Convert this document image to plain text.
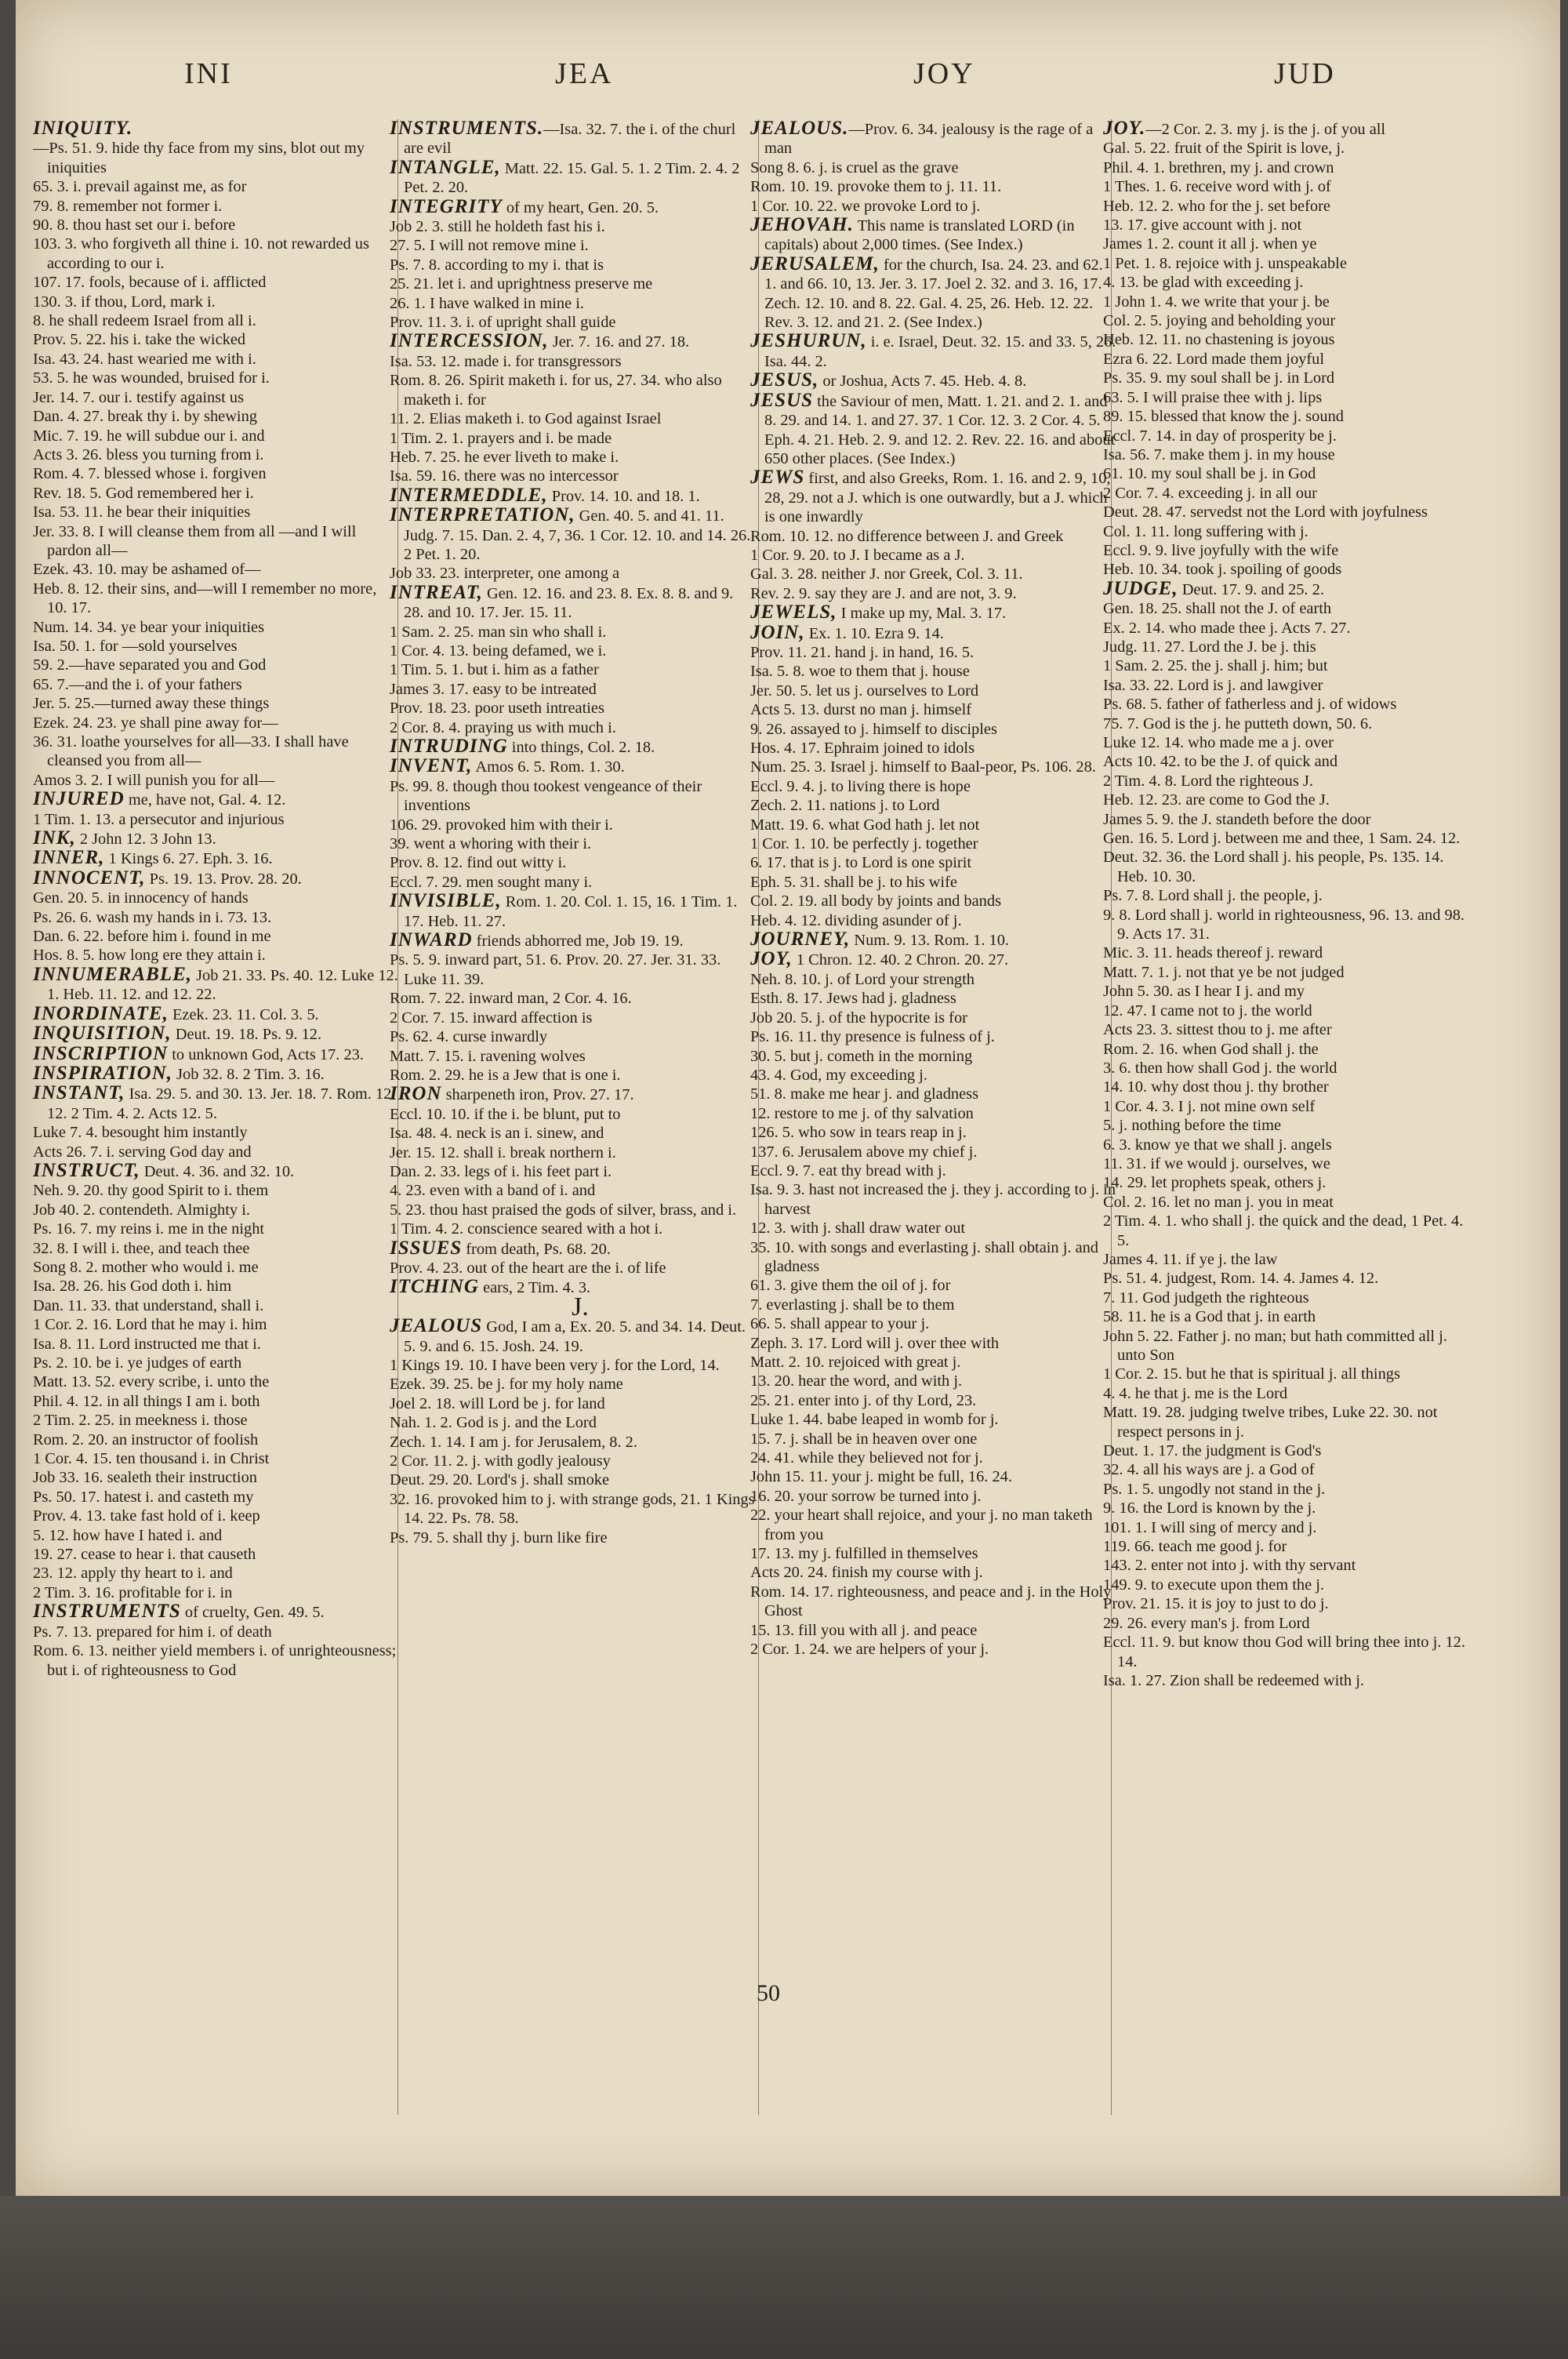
INI	JEA	JOY	JUD

INIQUITY.

—Ps. 51. 9. hide thy face from my sins, blot out my iniquities

65. 3. i. prevail against me, as for

79. 8. remember not former i.

90. 8. thou hast set our i. before

103. 3. who forgiveth all thine i. 10. not rewarded us according to our i.

107. 17. fools, because of i. afflicted

130. 3. if thou, Lord, mark i.

8. he shall redeem Israel from all i.

Prov. 5. 22. his i. take the wicked

Isa. 43. 24. hast wearied me with i.

53. 5. he was wounded, bruised for i.

Jer. 14. 7. our i. testify against us

Dan. 4. 27. break thy i. by shewing

Mic. 7. 19. he will subdue our i. and

Acts 3. 26. bless you turning from i.

Rom. 4. 7. blessed whose i. forgiven

Rev. 18. 5. God remembered her i.

Isa. 53. 11. he bear their iniquities

Jer. 33. 8. I will cleanse them from all —and I will pardon all—

Ezek. 43. 10. may be ashamed of—

Heb. 8. 12. their sins, and—will I remember no more, 10. 17.

Num. 14. 34. ye bear your iniquities

Isa. 50. 1. for —sold yourselves

59. 2.—have separated you and God

65. 7.—and the i. of your fathers

Jer. 5. 25.—turned away these things

Ezek. 24. 23. ye shall pine away for—

36. 31. loathe yourselves for all—33. I shall have cleansed you from all—

Amos 3. 2. I will punish you for all—

INJURED me, have not, Gal. 4. 12.

1 Tim. 1. 13. a persecutor and injurious

INK, 2 John 12. 3 John 13.

INNER, 1 Kings 6. 27. Eph. 3. 16.

INNOCENT, Ps. 19. 13. Prov. 28. 20.

Gen. 20. 5. in innocency of hands

Ps. 26. 6. wash my hands in i. 73. 13.

Dan. 6. 22. before him i. found in me

Hos. 8. 5. how long ere they attain i.

INNUMERABLE, Job 21. 33. Ps. 40. 12. Luke 12. 1. Heb. 11. 12. and 12. 22.

INORDINATE, Ezek. 23. 11. Col. 3. 5.

INQUISITION, Deut. 19. 18. Ps. 9. 12.

INSCRIPTION to unknown God, Acts 17. 23.

INSPIRATION, Job 32. 8. 2 Tim. 3. 16.

INSTANT, Isa. 29. 5. and 30. 13. Jer. 18. 7. Rom. 12. 12. 2 Tim. 4. 2. Acts 12. 5.

Luke 7. 4. besought him instantly

Acts 26. 7. i. serving God day and

INSTRUCT, Deut. 4. 36. and 32. 10.

Neh. 9. 20. thy good Spirit to i. them

Job 40. 2. contendeth. Almighty i.

Ps. 16. 7. my reins i. me in the night

32. 8. I will i. thee, and teach thee

Song 8. 2. mother who would i. me

Isa. 28. 26. his God doth i. him

Dan. 11. 33. that understand, shall i.

1 Cor. 2. 16. Lord that he may i. him

Isa. 8. 11. Lord instructed me that i.

Ps. 2. 10. be i. ye judges of earth

Matt. 13. 52. every scribe, i. unto the

Phil. 4. 12. in all things I am i. both

2 Tim. 2. 25. in meekness i. those

Rom. 2. 20. an instructor of foolish

1 Cor. 4. 15. ten thousand i. in Christ

Job 33. 16. sealeth their instruction

Ps. 50. 17. hatest i. and casteth my

Prov. 4. 13. take fast hold of i. keep

5. 12. how have I hated i. and

19. 27. cease to hear i. that causeth

23. 12. apply thy heart to i. and

2 Tim. 3. 16. profitable for i. in

INSTRUMENTS of cruelty, Gen. 49. 5.

Ps. 7. 13. prepared for him i. of death

Rom. 6. 13. neither yield members i. of unrighteousness; but i. of righteousness to God

INSTRUMENTS.—Isa. 32. 7. the i. of the churl are evil

INTANGLE, Matt. 22. 15. Gal. 5. 1. 2 Tim. 2. 4. 2 Pet. 2. 20.

INTEGRITY of my heart, Gen. 20. 5.

Job 2. 3. still he holdeth fast his i.

27. 5. I will not remove mine i.

Ps. 7. 8. according to my i. that is

25. 21. let i. and uprightness preserve me

26. 1. I have walked in mine i.

Prov. 11. 3. i. of upright shall guide

INTERCESSION, Jer. 7. 16. and 27. 18.

Isa. 53. 12. made i. for transgressors

Rom. 8. 26. Spirit maketh i. for us, 27. 34. who also maketh i. for

11. 2. Elias maketh i. to God against Israel

1 Tim. 2. 1. prayers and i. be made

Heb. 7. 25. he ever liveth to make i.

Isa. 59. 16. there was no intercessor

INTERMEDDLE, Prov. 14. 10. and 18. 1.

INTERPRETATION, Gen. 40. 5. and 41. 11. Judg. 7. 15. Dan. 2. 4, 7, 36. 1 Cor. 12. 10. and 14. 26. 2 Pet. 1. 20.

Job 33. 23. interpreter, one among a

INTREAT, Gen. 12. 16. and 23. 8. Ex. 8. 8. and 9. 28. and 10. 17. Jer. 15. 11.

1 Sam. 2. 25. man sin who shall i.

1 Cor. 4. 13. being defamed, we i.

1 Tim. 5. 1. but i. him as a father

James 3. 17. easy to be intreated

Prov. 18. 23. poor useth intreaties

2 Cor. 8. 4. praying us with much i.

INTRUDING into things, Col. 2. 18.

INVENT, Amos 6. 5. Rom. 1. 30.

Ps. 99. 8. though thou tookest vengeance of their inventions

106. 29. provoked him with their i.

39. went a whoring with their i.

Prov. 8. 12. find out witty i.

Eccl. 7. 29. men sought many i.

INVISIBLE, Rom. 1. 20. Col. 1. 15, 16. 1 Tim. 1. 17. Heb. 11. 27.

INWARD friends abhorred me, Job 19. 19.

Ps. 5. 9. inward part, 51. 6. Prov. 20. 27. Jer. 31. 33. Luke 11. 39.

Rom. 7. 22. inward man, 2 Cor. 4. 16.

2 Cor. 7. 15. inward affection is

Ps. 62. 4. curse inwardly

Matt. 7. 15. i. ravening wolves

Rom. 2. 29. he is a Jew that is one i.

IRON sharpeneth iron, Prov. 27. 17.

Eccl. 10. 10. if the i. be blunt, put to

Isa. 48. 4. neck is an i. sinew, and

Jer. 15. 12. shall i. break northern i.

Dan. 2. 33. legs of i. his feet part i.

4. 23. even with a band of i. and

5. 23. thou hast praised the gods of silver, brass, and i.

1 Tim. 4. 2. conscience seared with a hot i.

ISSUES from death, Ps. 68. 20.

Prov. 4. 23. out of the heart are the i. of life

ITCHING ears, 2 Tim. 4. 3.

J.

JEALOUS God, I am a, Ex. 20. 5. and 34. 14. Deut. 5. 9. and 6. 15. Josh. 24. 19.

1 Kings 19. 10. I have been very j. for the Lord, 14.

Ezek. 39. 25. be j. for my holy name

Joel 2. 18. will Lord be j. for land

Nah. 1. 2. God is j. and the Lord

Zech. 1. 14. I am j. for Jerusalem, 8. 2.

2 Cor. 11. 2. j. with godly jealousy

Deut. 29. 20. Lord's j. shall smoke

32. 16. provoked him to j. with strange gods, 21. 1 Kings 14. 22. Ps. 78. 58.

Ps. 79. 5. shall thy j. burn like fire

JEALOUS.—Prov. 6. 34. jealousy is the rage of a man

Song 8. 6. j. is cruel as the grave

Rom. 10. 19. provoke them to j. 11. 11.

1 Cor. 10. 22. we provoke Lord to j.

JEHOVAH. This name is translated LORD (in capitals) about 2,000 times. (See Index.)

JERUSALEM, for the church, Isa. 24. 23. and 62. 1. and 66. 10, 13. Jer. 3. 17. Joel 2. 32. and 3. 16, 17. Zech. 12. 10. and 8. 22. Gal. 4. 25, 26. Heb. 12. 22. Rev. 3. 12. and 21. 2. (See Index.)

JESHURUN, i. e. Israel, Deut. 32. 15. and 33. 5, 26. Isa. 44. 2.

JESUS, or Joshua, Acts 7. 45. Heb. 4. 8.

JESUS the Saviour of men, Matt. 1. 21. and 2. 1. and 8. 29. and 14. 1. and 27. 37. 1 Cor. 12. 3. 2 Cor. 4. 5. Eph. 4. 21. Heb. 2. 9. and 12. 2. Rev. 22. 16. and about 650 other places. (See Index.)

JEWS first, and also Greeks, Rom. 1. 16. and 2. 9, 10, 28, 29. not a J. which is one outwardly, but a J. which is one inwardly

Rom. 10. 12. no difference between J. and Greek

1 Cor. 9. 20. to J. I became as a J.

Gal. 3. 28. neither J. nor Greek, Col. 3. 11.

Rev. 2. 9. say they are J. and are not, 3. 9.

JEWELS, I make up my, Mal. 3. 17.

JOIN, Ex. 1. 10. Ezra 9. 14.

Prov. 11. 21. hand j. in hand, 16. 5.

Isa. 5. 8. woe to them that j. house

Jer. 50. 5. let us j. ourselves to Lord

Acts 5. 13. durst no man j. himself

9. 26. assayed to j. himself to disciples

Hos. 4. 17. Ephraim joined to idols

Num. 25. 3. Israel j. himself to Baal-peor, Ps. 106. 28.

Eccl. 9. 4. j. to living there is hope

Zech. 2. 11. nations j. to Lord

Matt. 19. 6. what God hath j. let not

1 Cor. 1. 10. be perfectly j. together

6. 17. that is j. to Lord is one spirit

Eph. 5. 31. shall be j. to his wife

Col. 2. 19. all body by joints and bands

Heb. 4. 12. dividing asunder of j.

JOURNEY, Num. 9. 13. Rom. 1. 10.

JOY, 1 Chron. 12. 40. 2 Chron. 20. 27.

Neh. 8. 10. j. of Lord your strength

Esth. 8. 17. Jews had j. gladness

Job 20. 5. j. of the hypocrite is for

Ps. 16. 11. thy presence is fulness of j.

30. 5. but j. cometh in the morning

43. 4. God, my exceeding j.

51. 8. make me hear j. and gladness

12. restore to me j. of thy salvation

126. 5. who sow in tears reap in j.

137. 6. Jerusalem above my chief j.

Eccl. 9. 7. eat thy bread with j.

Isa. 9. 3. hast not increased the j. they j. according to j. in harvest

12. 3. with j. shall draw water out

35. 10. with songs and everlasting j. shall obtain j. and gladness

61. 3. give them the oil of j. for

7. everlasting j. shall be to them

66. 5. shall appear to your j.

Zeph. 3. 17. Lord will j. over thee with

Matt. 2. 10. rejoiced with great j.

13. 20. hear the word, and with j.

25. 21. enter into j. of thy Lord, 23.

Luke 1. 44. babe leaped in womb for j.

15. 7. j. shall be in heaven over one

24. 41. while they believed not for j.

John 15. 11. your j. might be full, 16. 24.

16. 20. your sorrow be turned into j.

22. your heart shall rejoice, and your j. no man taketh from you

17. 13. my j. fulfilled in themselves

Acts 20. 24. finish my course with j.

Rom. 14. 17. righteousness, and peace and j. in the Holy Ghost

15. 13. fill you with all j. and peace

2 Cor. 1. 24. we are helpers of your j.

JOY.—2 Cor. 2. 3. my j. is the j. of you all

Gal. 5. 22. fruit of the Spirit is love, j.

Phil. 4. 1. brethren, my j. and crown

1 Thes. 1. 6. receive word with j. of

Heb. 12. 2. who for the j. set before

13. 17. give account with j. not

James 1. 2. count it all j. when ye

1 Pet. 1. 8. rejoice with j. unspeakable

4. 13. be glad with exceeding j.

1 John 1. 4. we write that your j. be

Col. 2. 5. joying and beholding your

Heb. 12. 11. no chastening is joyous

Ezra 6. 22. Lord made them joyful

Ps. 35. 9. my soul shall be j. in Lord

63. 5. I will praise thee with j. lips

89. 15. blessed that know the j. sound

Eccl. 7. 14. in day of prosperity be j.

Isa. 56. 7. make them j. in my house

61. 10. my soul shall be j. in God

2 Cor. 7. 4. exceeding j. in all our

Deut. 28. 47. servedst not the Lord with joyfulness

Col. 1. 11. long suffering with j.

Eccl. 9. 9. live joyfully with the wife

Heb. 10. 34. took j. spoiling of goods

JUDGE, Deut. 17. 9. and 25. 2.

Gen. 18. 25. shall not the J. of earth

Ex. 2. 14. who made thee j. Acts 7. 27.

Judg. 11. 27. Lord the J. be j. this

1 Sam. 2. 25. the j. shall j. him; but

Isa. 33. 22. Lord is j. and lawgiver

Ps. 68. 5. father of fatherless and j. of widows

75. 7. God is the j. he putteth down, 50. 6.

Luke 12. 14. who made me a j. over

Acts 10. 42. to be the J. of quick and

2 Tim. 4. 8. Lord the righteous J.

Heb. 12. 23. are come to God the J.

James 5. 9. the J. standeth before the door

Gen. 16. 5. Lord j. between me and thee, 1 Sam. 24. 12.

Deut. 32. 36. the Lord shall j. his people, Ps. 135. 14. Heb. 10. 30.

Ps. 7. 8. Lord shall j. the people, j.

9. 8. Lord shall j. world in righteousness, 96. 13. and 98. 9. Acts 17. 31.

Mic. 3. 11. heads thereof j. reward

Matt. 7. 1. j. not that ye be not judged

John 5. 30. as I hear I j. and my

12. 47. I came not to j. the world

Acts 23. 3. sittest thou to j. me after

Rom. 2. 16. when God shall j. the

3. 6. then how shall God j. the world

14. 10. why dost thou j. thy brother

1 Cor. 4. 3. I j. not mine own self

5. j. nothing before the time

6. 3. know ye that we shall j. angels

11. 31. if we would j. ourselves, we

14. 29. let prophets speak, others j.

Col. 2. 16. let no man j. you in meat

2 Tim. 4. 1. who shall j. the quick and the dead, 1 Pet. 4. 5.

James 4. 11. if ye j. the law

Ps. 51. 4. judgest, Rom. 14. 4. James 4. 12.

7. 11. God judgeth the righteous

58. 11. he is a God that j. in earth

John 5. 22. Father j. no man; but hath committed all j. unto Son

1 Cor. 2. 15. but he that is spiritual j. all things

4. 4. he that j. me is the Lord

Matt. 19. 28. judging twelve tribes, Luke 22. 30. not respect persons in j.

Deut. 1. 17. the judgment is God's

32. 4. all his ways are j. a God of

Ps. 1. 5. ungodly not stand in the j.

9. 16. the Lord is known by the j.

101. 1. I will sing of mercy and j.

119. 66. teach me good j. for

143. 2. enter not into j. with thy servant

149. 9. to execute upon them the j.

Prov. 21. 15. it is joy to just to do j.

29. 26. every man's j. from Lord

Eccl. 11. 9. but know thou God will bring thee into j. 12. 14.

Isa. 1. 27. Zion shall be redeemed with j.

50
